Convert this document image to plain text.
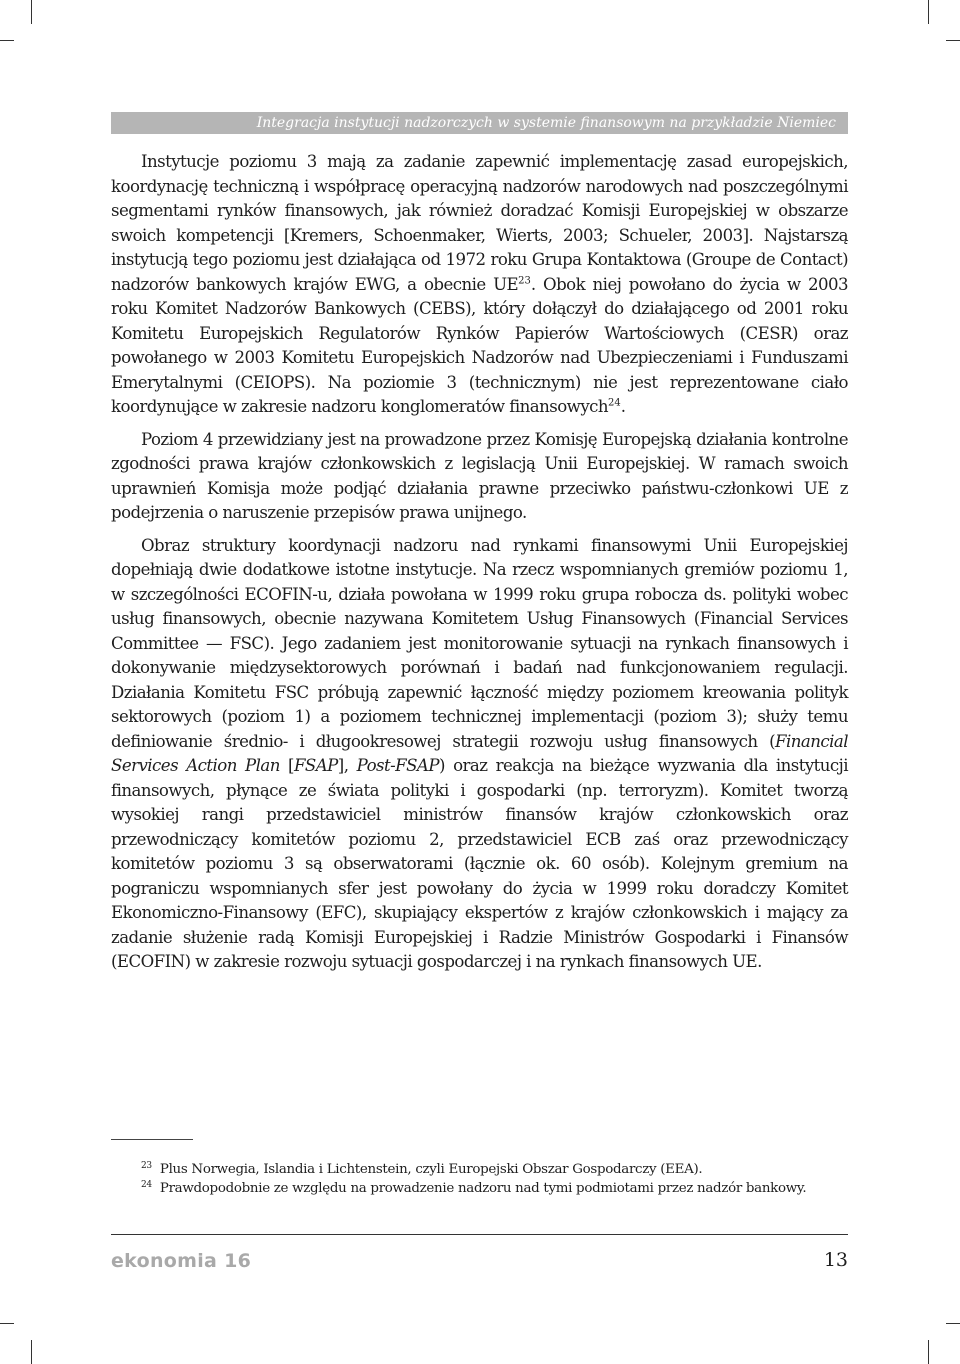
Integracja instytucji nadzorczych w systemie finansowym na przykładzie Niemiec

Instytucje poziomu 3 mają za zadanie zapewnić implementację zasad europejskich, koordynację techniczną i współpracę operacyjną nadzorów narodowych nad poszczególnymi segmentami rynków finansowych, jak również doradzać Komisji Europejskiej w obszarze swoich kompetencji [Kremers, Schoenmaker, Wierts, 2003; Schueler, 2003]. Najstarszą instytucją tego poziomu jest działająca od 1972 roku Grupa Kontaktowa (Groupe de Contact) nadzorów bankowych krajów EWG, a obecnie UE$^{23}$. Obok niej powołano do życia w 2003 roku Komitet Nadzorów Bankowych (CEBS), który dołączył do działającego od 2001 roku Komitetu Europejskich Regulatorów Rynków Papierów Wartościowych (CESR) oraz powołanego w 2003 Komitetu Europejskich Nadzorów nad Ubezpieczeniami i Funduszami Emerytalnymi (CEIOPS). Na poziomie 3 (technicznym) nie jest reprezentowane ciało koordynujące w zakresie nadzoru konglomeratów finansowych$^{24}$.

Poziom 4 przewidziany jest na prowadzone przez Komisję Europejską działania kontrolne zgodności prawa krajów członkowskich z legislacją Unii Europejskiej. W ramach swoich uprawnień Komisja może podjąć działania prawne przeciwko państwu-członkowi UE z podejrzenia o naruszenie przepisów prawa unijnego.

Obraz struktury koordynacji nadzoru nad rynkami finansowymi Unii Europejskiej dopełniają dwie dodatkowe istotne instytucje. Na rzecz wspomnianych gremiów poziomu 1, w szczególności ECOFIN-u, działa powołana w 1999 roku grupa robocza ds. polityki wobec usług finansowych, obecnie nazywana Komitetem Usług Finansowych (Financial Services Committee — FSC). Jego zadaniem jest monitorowanie sytuacji na rynkach finansowych i dokonywanie międzysektorowych porównań i badań nad funkcjonowaniem regulacji. Działania Komitetu FSC próbują zapewnić łączność między poziomem kreowania polityk sektorowych (poziom 1) a poziomem technicznej implementacji (poziom 3); służy temu definiowanie średnio- i długookresowej strategii rozwoju usług finansowych (Financial Services Action Plan [FSAP], Post-FSAP) oraz reakcja na bieżące wyzwania dla instytucji finansowych, płynące ze świata polityki i gospodarki (np. terroryzm). Komitet tworzą wysokiej rangi przedstawiciel ministrów finansów krajów członkowskich oraz przewodniczący komitetów poziomu 2, przedstawiciel ECB zaś oraz przewodniczący komitetów poziomu 3 są obserwatorami (łącznie ok. 60 osób). Kolejnym gremium na pograniczu wspomnianych sfer jest powołany do życia w 1999 roku doradczy Komitet Ekonomiczno-Finansowy (EFC), skupiający ekspertów z krajów członkowskich i mający za zadanie służenie radą Komisji Europejskiej i Radzie Ministrów Gospodarki i Finansów (ECOFIN) w zakresie rozwoju sytuacji gospodarczej i na rynkach finansowych UE.

$^{23}$ Plus Norwegia, Islandia i Lichtenstein, czyli Europejski Obszar Gospodarczy (EEA).

$^{24}$ Prawdopodobnie ze względu na prowadzenie nadzoru nad tymi podmiotami przez nadzór bankowy.

ekonomia 16	13
